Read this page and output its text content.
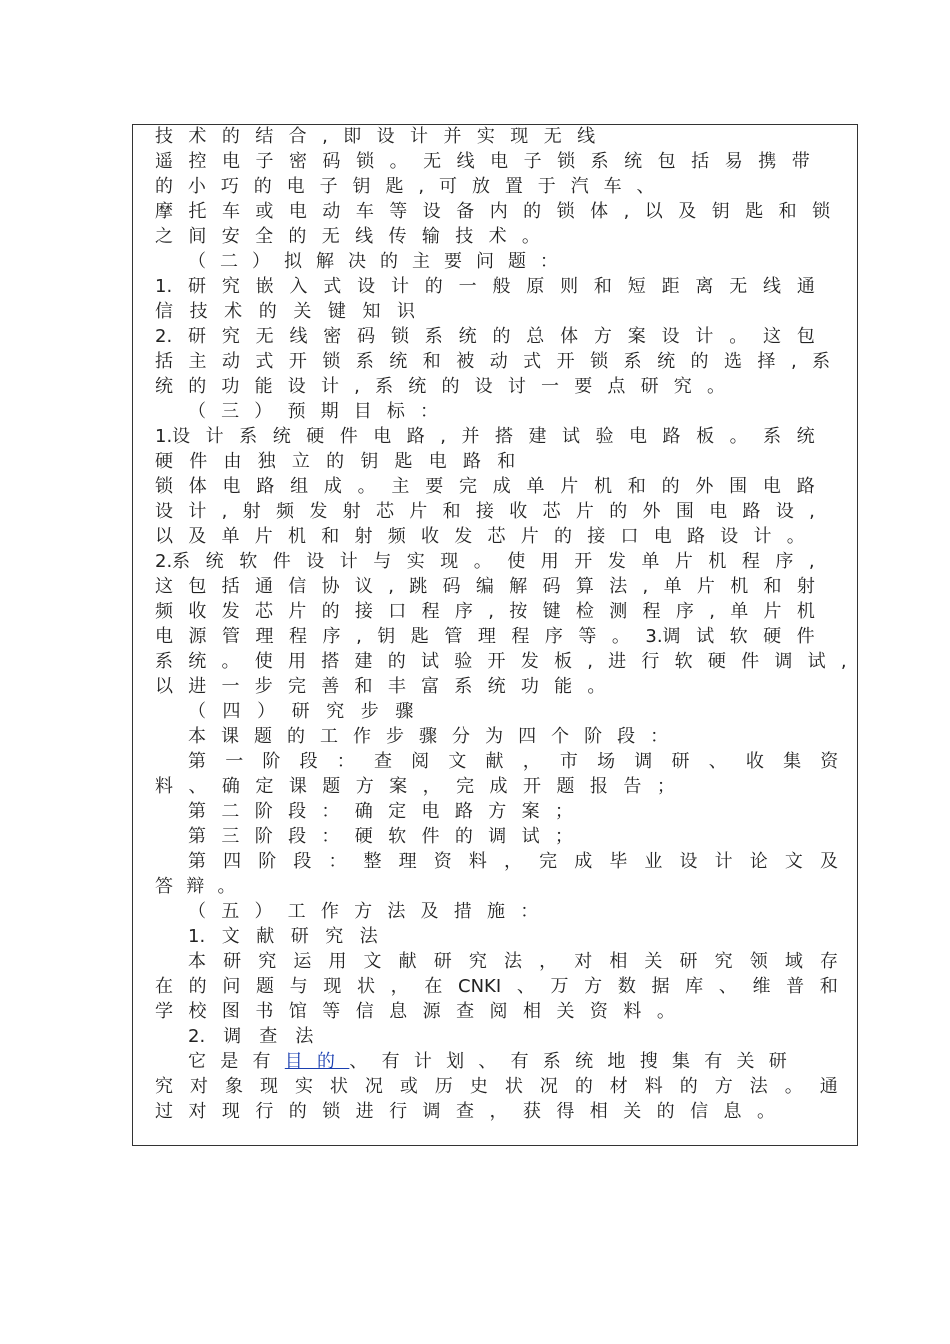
技 术 的 结 合 , 即 设 计 并 实 现 无 线
遥 控 电 子 密 码 锁 。 无 线 电 子 锁 系 统 包 括 易 携 带
的 小 巧 的 电 子 钥 匙 , 可 放 置 于 汽 车 、
摩 托 车 或 电 动 车 等 设 备 内 的 锁 体 , 以 及 钥 匙 和 锁
之 间 安 全 的 无 线 传 输 技 术 。
（ 二 ） 拟 解 决 的 主 要 问 题 ：
1. 研 究 嵌 入 式 设 计 的 一 般 原 则 和 短 距 离 无 线 通
信 技 术 的 关 键 知 识
2. 研 究 无 线 密 码 锁 系 统 的 总 体 方 案 设 计 。 这 包
括 主 动 式 开 锁 系 统 和 被 动 式 开 锁 系 统 的 选 择 , 系
统 的 功 能 设 计 , 系 统 的 设 讨 一 要 点 研 究 。
（ 三 ） 预 期 目 标 ：
1.设 计 系 统 硬 件 电 路 , 并 搭 建 试 验 电 路 板 。 系 统
硬 件 由 独 立 的 钥 匙 电 路 和
锁 体 电 路 组 成 。 主 要 完 成 单 片 机 和 的 外 围 电 路
设 计 , 射 频 发 射 芯 片 和 接 收 芯 片 的 外 围 电 路 设 ,
以 及 单 片 机 和 射 频 收 发 芯 片 的 接 口 电 路 设 计 。
2.系 统 软 件 设 计 与 实 现 。 使 用 开 发 单 片 机 程 序 ,
这 包 括 通 信 协 议 , 跳 码 编 解 码 算 法 , 单 片 机 和 射
频 收 发 芯 片 的 接 口 程 序 , 按 键 检 测 程 序 , 单 片 机
电 源 管 理 程 序 , 钥 匙 管 理 程 序 等 。 3.调 试 软 硬 件
系 统 。 使 用 搭 建 的 试 验 开 发 板 , 进 行 软 硬 件 调 试 ,
以 进 一 步 完 善 和 丰 富 系 统 功 能 。
（ 四 ） 研 究 步 骤
本 课 题 的 工 作 步 骤 分 为 四 个 阶 段 ：
第 一 阶 段 ： 查 阅 文 献 ， 市 场 调 研 、 收 集 资
料 、 确 定 课 题 方 案 ， 完 成 开 题 报 告 ；
第 二 阶 段 ： 确 定 电 路 方 案 ；
第 三 阶 段 ： 硬 软 件 的 调 试 ；
第 四 阶 段 ： 整 理 资 料 ， 完 成 毕 业 设 计 论 文 及
答 辩 。
（ 五 ） 工 作 方 法 及 措 施 ：
1. 文 献 研 究 法
本 研 究 运 用 文 献 研 究 法 ， 对 相 关 研 究 领 域 存
在 的 问 题 与 现 状 ， 在 CNKI 、 万 方 数 据 库 、 维 普 和
学 校 图 书 馆 等 信 息 源 查 阅 相 关 资 料 。
2. 调 查 法
它 是 有 目 的 、 有 计 划 、 有 系 统 地 搜 集 有 关 研
究 对 象 现 实 状 况 或 历 史 状 况 的 材 料 的 方 法 。 通
过 对 现 行 的 锁 进 行 调 查 ， 获 得 相 关 的 信 息 。
